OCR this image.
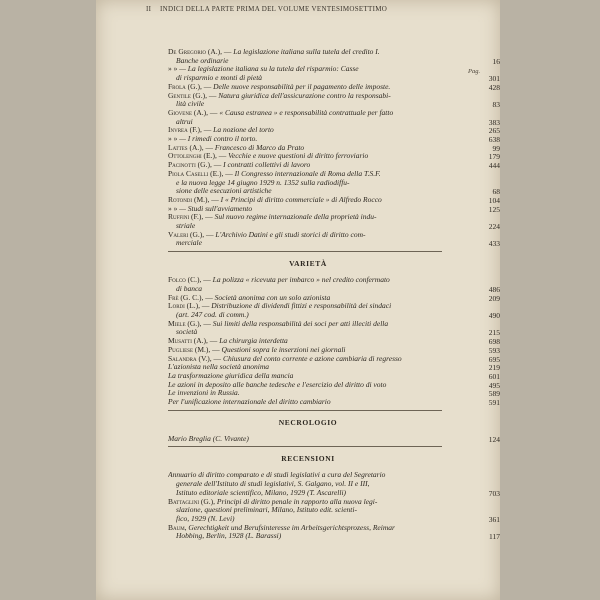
II INDICI DELLA PARTE PRIMA DEL VOLUME VENTESIMOSETTIMO
Pag.
De Gregorio (A.), — La legislazione italiana sulla tutela del credito I.
Banche ordinarie	16
» » — La legislazione italiana su la tutela del risparmio: Casse
di risparmio e monti di pietà	301
Frola (G.), — Delle nuove responsabilità per il pagamento delle imposte.	428
Gentile (G.), — Natura giuridica dell'assicurazione contro la responsabi-
lità civile	83
Giovene (A.), — « Causa estranea » e responsabilità contrattuale per fatto
altrui	383
Invrea (F.), — La nozione del torto	265
» » — I rimedi contro il torto.	638
Lattes (A.), — Francesco di Marco da Prato	99
Ottolenghi (E.), — Vecchie e nuove questioni di diritto ferroviario	179
Pacinotti (G.), — I contratti collettivi di lavoro	444
Piola Caselli (E.), — Il Congresso internazionale di Roma della T.S.F.
e la nuova legge 14 giugno 1929 n. 1352 sulla radiodiffu-
sione delle esecuzioni artistiche	68
Rotondi (M.), — I « Principi di diritto commerciale » di Alfredo Rocco	104
» » — Studi sull'avviamento	125
Ruffini (F.), — Sul nuovo regime internazionale della proprietà indu-
striale	224
Valeri (G.), — L'Archivio Datini e gli studi storici di diritto com-
merciale	433
VARIETÀ
Folco (C.), — La polizza « ricevuta per imbarco » nel credito confermato
di banca	486
Frè (G. C.), — Società anonima con un solo azionista	209
Lordi (L.), — Distribuzione di dividendi fittizi e responsabilità dei sindaci
(art. 247 cod. di comm.)	490
Miele (G.), — Sui limiti della responsabilità dei soci per atti illeciti della
società	215
Musatti (A.), — La chirurgia interdetta	698
Pugliese (M.), — Questioni sopra le inserzioni nei giornali	593
Salandra (V.), — Chiusura del conto corrente e azione cambiaria di regresso	695
L'azionista nella società anonima	219
La trasformazione giuridica della mancia	601
Le azioni in deposito alle banche tedesche e l'esercizio del diritto di voto	495
Le invenzioni in Russia.	589
Per l'unificazione internazionale del diritto cambiario	591
NECROLOGIO
Mario Breglia (C. Vivante)	124
RECENSIONI
Annuario di diritto comparato e di studi legislativi a cura del Segretario
generale dell'Istituto di studi legislativi, S. Galgano, vol. II e III,
Istituto editoriale scientifico, Milano, 1929 (T. Ascarelli)	703
Battaglini (G.), Principi di diritto penale in rapporto alla nuova legi-
slazione, questioni preliminari, Milano, Istituto edit. scienti-
fico, 1929 (N. Levi)	361
Baum, Gerechtigkeit und Berufsinteresse im Arbeitsgerichtsprozess, Reimar
Hobbing, Berlin, 1928 (L. Barassi)	117
